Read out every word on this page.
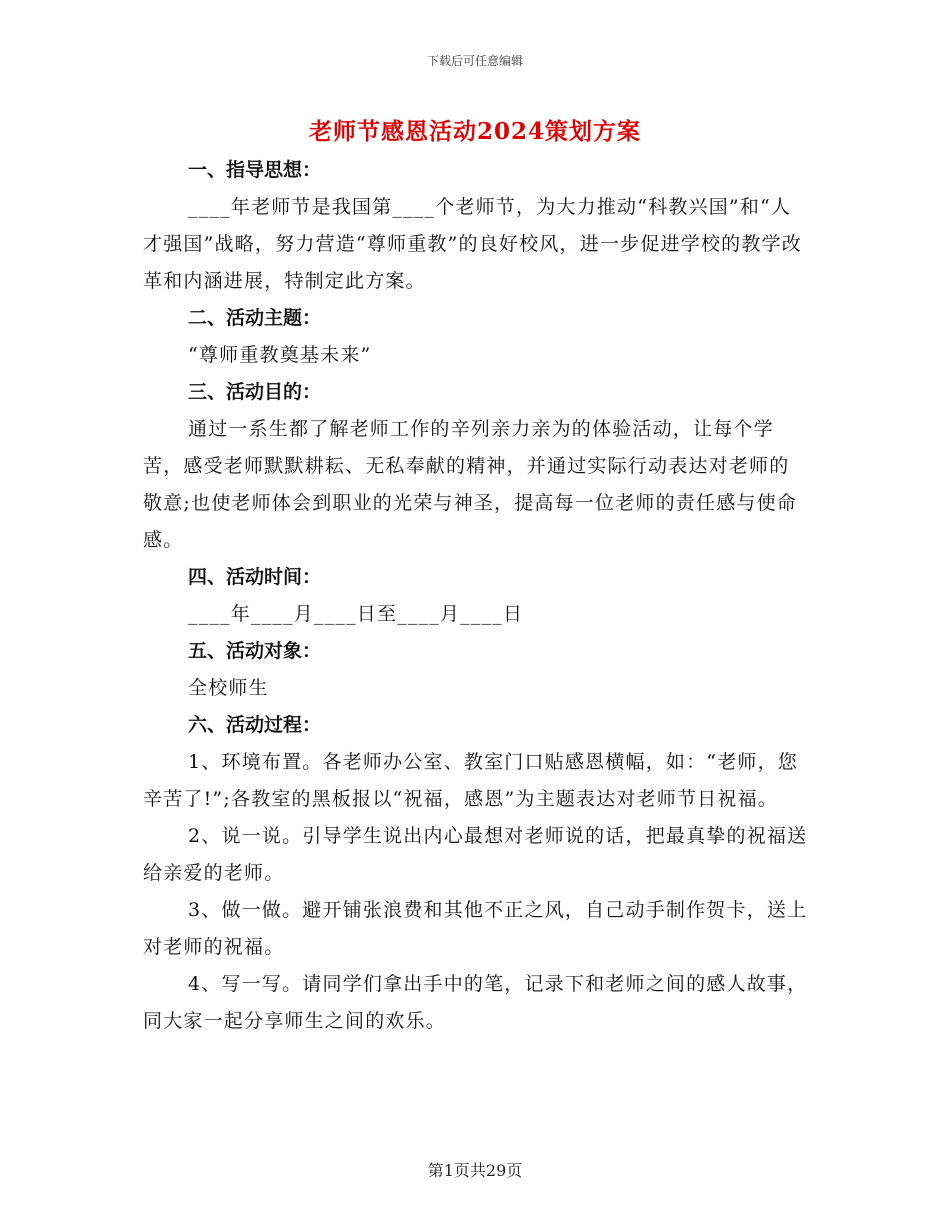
下载后可任意编辑
老师节感恩活动2024策划方案

一、指导思想：

____年老师节是我国第____个老师节，为大力推动“科教兴国”和“人才强国”战略，努力营造“尊师重教”的良好校风，进一步促进学校的教学改革和内涵进展，特制定此方案。

二、活动主题：

“尊师重教奠基未来”

三、活动目的：

通过一系生都了解老师工作的辛列亲力亲为的体验活动，让每个学苦，感受老师默默耕耘、无私奉献的精神，并通过实际行动表达对老师的敬意;也使老师体会到职业的光荣与神圣，提高每一位老师的责任感与使命感。

四、活动时间：

____年____月____日至____月____日

五、活动对象：

全校师生

六、活动过程：

1、环境布置。各老师办公室、教室门口贴感恩横幅，如：“老师，您辛苦了!”;各教室的黑板报以“祝福，感恩”为主题表达对老师节日祝福。

2、说一说。引导学生说出内心最想对老师说的话，把最真挚的祝福送给亲爱的老师。

3、做一做。避开铺张浪费和其他不正之风，自己动手制作贺卡，送上对老师的祝福。

4、写一写。请同学们拿出手中的笔，记录下和老师之间的感人故事，同大家一起分享师生之间的欢乐。

第1页共29页
